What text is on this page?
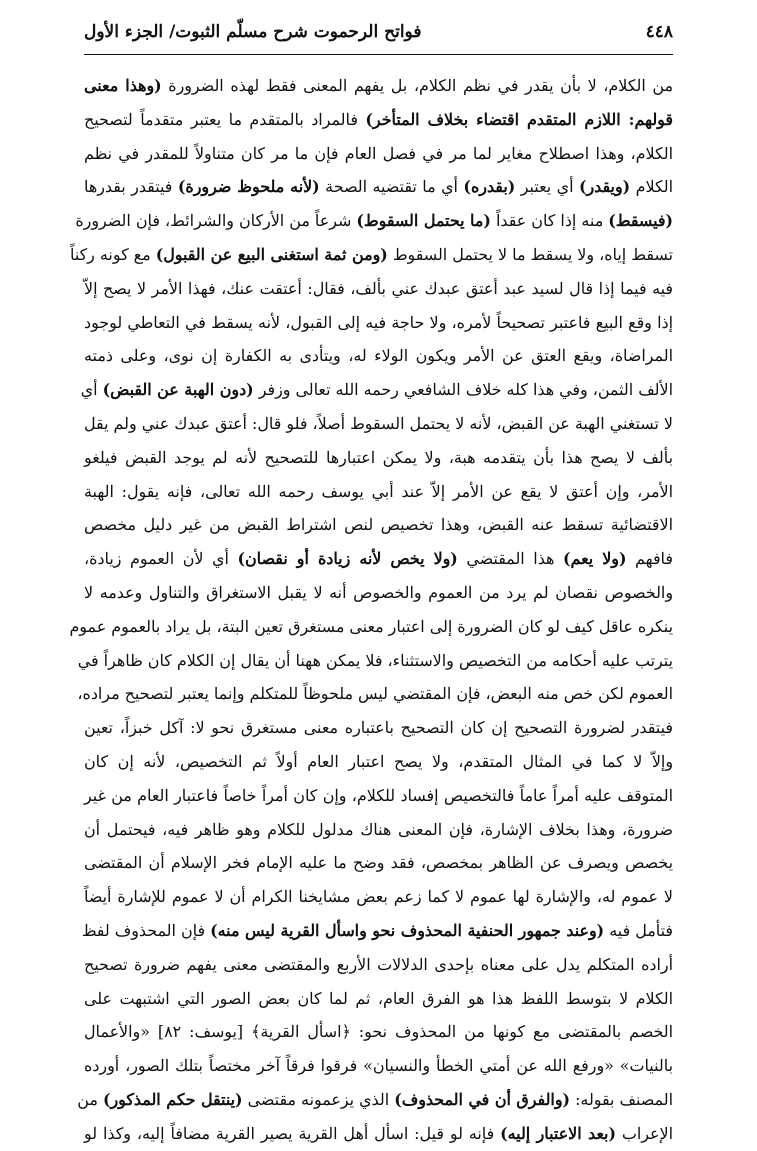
٤٤٨
فواتح الرحموت شرح مسلّم الثبوت/ الجزء الأول
من الكلام، لا بأن يقدر في نظم الكلام، بل يفهم المعنى فقط لهذه الضرورة (وهذا معنى
قولهم: اللازم المتقدم اقتضاء بخلاف المتأخر) فالمراد بالمتقدم ما يعتبر متقدماً لتصحيح
الكلام، وهذا اصطلاح مغاير لما مر في فصل العام فإن ما مر كان متناولاً للمقدر في نظم
الكلام (ويقدر) أي يعتبر (بقدره) أي ما تقتضيه الصحة (لأنه ملحوظ ضرورة) فيتقدر بقدرها
(فيسقط) منه إذا كان عقداً (ما يحتمل السقوط) شرعاً من الأركان والشرائط، فإن الضرورة
تسقط إياه، ولا يسقط ما لا يحتمل السقوط (ومن ثمة استغنى البيع عن القبول) مع كونه ركناً
فيه فيما إذا قال لسيد عبد أعتق عبدك عني بألف، فقال: أعتقت عنك، فهذا الأمر لا يصح إلاّ
إذا وقع البيع فاعتبر تصحيحاً لأمره، ولا حاجة فيه إلى القبول، لأنه يسقط في التعاطي لوجود
المراضاة، ويقع العتق عن الأمر ويكون الولاء له، ويتأدى به الكفارة إن نوى، وعلى ذمته
الألف الثمن، وفي هذا كله خلاف الشافعي رحمه الله تعالى وزفر (دون الهبة عن القبض) أي
لا تستغني الهبة عن القبض، لأنه لا يحتمل السقوط أصلاً، فلو قال: أعتق عبدك عني ولم يقل
بألف لا يصح هذا بأن يتقدمه هبة، ولا يمكن اعتبارها للتصحيح لأنه لم يوجد القبض فيلغو
الأمر، وإن أعتق لا يقع عن الأمر إلاّ عند أبي يوسف رحمه الله تعالى، فإنه يقول: الهبة
الاقتضائية تسقط عنه القبض، وهذا تخصيص لنص اشتراط القبض من غير دليل مخصص
فافهم (ولا يعم) هذا المقتضي (ولا يخص لأنه زيادة أو نقصان) أي لأن العموم زيادة،
والخصوص نقصان لم يرد من العموم والخصوص أنه لا يقبل الاستغراق والتناول وعدمه لا
ينكره عاقل كيف لو كان الضرورة إلى اعتبار معنى مستغرق تعين البتة، بل يراد بالعموم عموم
يترتب عليه أحكامه من التخصيص والاستثناء، فلا يمكن ههنا أن يقال إن الكلام كان ظاهراً في
العموم لكن خص منه البعض، فإن المقتضي ليس ملحوظاً للمتكلم وإنما يعتبر لتصحيح مراده،
فيتقدر لضرورة التصحيح إن كان التصحيح باعتباره معنى مستغرق نحو لا: آكل خبزاً، تعين
وإلاّ لا كما في المثال المتقدم، ولا يصح اعتبار العام أولاً ثم التخصيص، لأنه إن كان
المتوقف عليه أمراً عاماً فالتخصيص إفساد للكلام، وإن كان أمراً خاصاً فاعتبار العام من غير
ضرورة، وهذا بخلاف الإشارة، فإن المعنى هناك مدلول للكلام وهو ظاهر فيه، فيحتمل أن
يخصص ويصرف عن الظاهر بمخصص، فقد وضح ما عليه الإمام فخر الإسلام أن المقتضى
لا عموم له، والإشارة لها عموم لا كما زعم بعض مشايخنا الكرام أن لا عموم للإشارة أيضاً
فتأمل فيه (وعند جمهور الحنفية المحذوف نحو واسأل القرية ليس منه) فإن المحذوف لفظ
أراده المتكلم يدل على معناه بإحدى الدلالات الأربع والمقتضى معنى يفهم ضرورة تصحيح
الكلام لا بتوسط اللفظ هذا هو الفرق العام، ثم لما كان بعض الصور التي اشتبهت على
الخصم بالمقتضى مع كونها من المحذوف نحو: ﴿اسأل القرية﴾ [يوسف: ٨٢] «والأعمال
بالنيات» «ورفع الله عن أمتي الخطأ والنسيان» فرقوا فرقاً آخر مختصاً بتلك الصور، أورده
المصنف بقوله: (والفرق أن في المحذوف) الذي يزعمونه مقتضى (ينتقل حكم المذكور) من
الإعراب (بعد الاعتبار إليه) فإنه لو قيل: اسأل أهل القرية يصير القرية مضافاً إليه، وكذا لو
